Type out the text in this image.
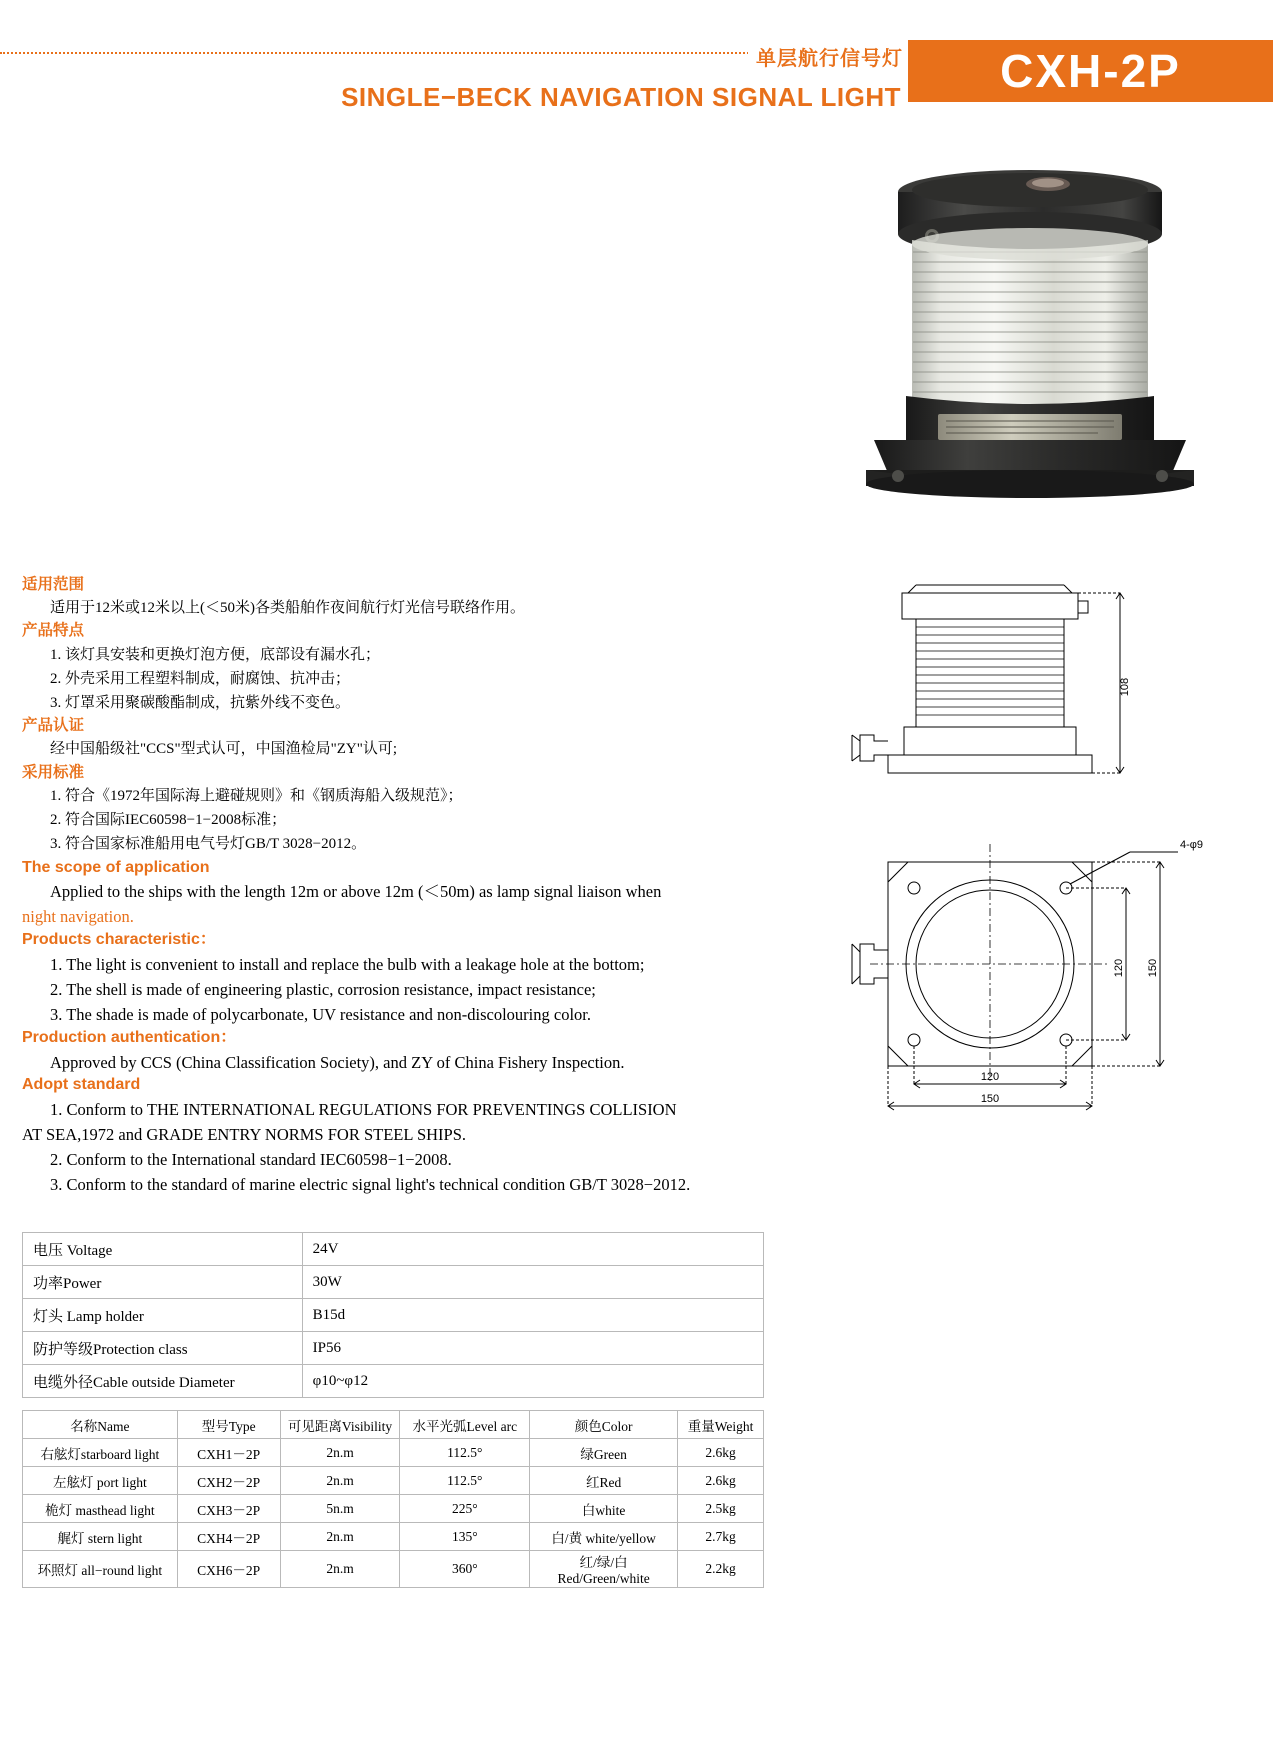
单层航行信号灯
SINGLE−BECK NAVIGATION SIGNAL LIGHT	CXH-2P
适用范围
适用于12米或12米以上(＜50米)各类船舶作夜间航行灯光信号联络作用。
产品特点
1. 该灯具安装和更换灯泡方便，底部设有漏水孔；
2. 外壳采用工程塑料制成，耐腐蚀、抗冲击；
3. 灯罩采用聚碳酸酯制成，抗紫外线不变色。
产品认证
经中国船级社"CCS"型式认可，中国渔检局"ZY"认可;
采用标准
1. 符合《1972年国际海上避碰规则》和《钢质海船入级规范》；
2. 符合国际IEC60598−1−2008标准；
3. 符合国家标准船用电气号灯GB/T 3028−2012。
The scope of application
Applied to the ships with the length 12m or above 12m (＜50m) as lamp signal liaison when
night navigation.
Products characteristic：
1. The light is convenient to install and replace the bulb with a leakage hole at the bottom;
2. The shell is made of engineering plastic, corrosion resistance, impact resistance;
3. The shade is made of polycarbonate, UV resistance and non-discolouring color.
Production authentication：
Approved by CCS (China Classification Society), and ZY of China Fishery Inspection.
Adopt standard
1. Conform to THE INTERNATIONAL REGULATIONS FOR PREVENTINGS COLLISION
AT SEA,1972 and GRADE ENTRY NORMS FOR STEEL SHIPS.
2. Conform to the International standard IEC60598−1−2008.
3. Conform to the standard of marine electric signal light's technical condition GB/T 3028−2012.
电压 Voltage	24V
功率Power	30W
灯头 Lamp holder	B15d
防护等级Protection class	IP56
电缆外径Cable outside Diameter	φ10~φ12
名称Name	型号Type	可见距离Visibility	水平光弧Level arc	颜色Color	重量Weight
右舷灯starboard light	CXH1－2P	2n.m	112.5°	绿Green	2.6kg
左舷灯 port light	CXH2－2P	2n.m	112.5°	红Red	2.6kg
桅灯 masthead light	CXH3－2P	5n.m	225°	白white	2.5kg
艉灯 stern light	CXH4－2P	2n.m	135°	白/黄 white/yellow	2.7kg
环照灯 all−round light	CXH6－2P	2n.m	360°	红/绿/白 Red/Green/white	2.2kg
108
4-φ9
120 150
120
150
